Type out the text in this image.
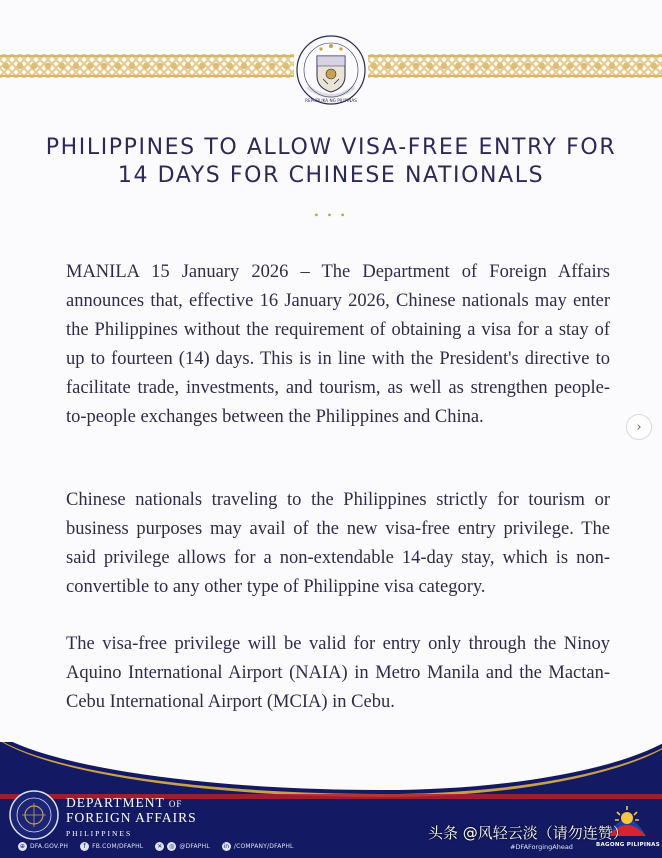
REPUBLIKA NG PILIPINAS
PHILIPPINES TO ALLOW VISA-FREE ENTRY FOR
14 DAYS FOR CHINESE NATIONALS
• • •

MANILA 15 January 2026 – The Department of Foreign Affairs announces that, effective 16 January 2026, Chinese nationals may enter the Philippines without the requirement of obtaining a visa for a stay of up to fourteen (14) days. This is in line with the President's directive to facilitate trade, investments, and tourism, as well as strengthen people-to-people exchanges between the Philippines and China.

Chinese nationals traveling to the Philippines strictly for tourism or business purposes may avail of the new visa-free entry privilege. The said privilege allows for a non-extendable 14-day stay, which is non-convertible to any other type of Philippine visa category.

The visa-free privilege will be valid for entry only through the Ninoy Aquino International Airport (NAIA) in Metro Manila and the Mactan-Cebu International Airport (MCIA) in Cebu.

›
DEPARTMENT OF
FOREIGN AFFAIRS
PHILIPPINES
⊕ DFA.GOV.PH	f	FB.COM/DFAPHL	✕	◎ @DFAPHL in /COMPANY/DFAPHL	#DFAForgingAhead	BAGONG PILIPINAS
头条 @风轻云淡（请勿连赞）
